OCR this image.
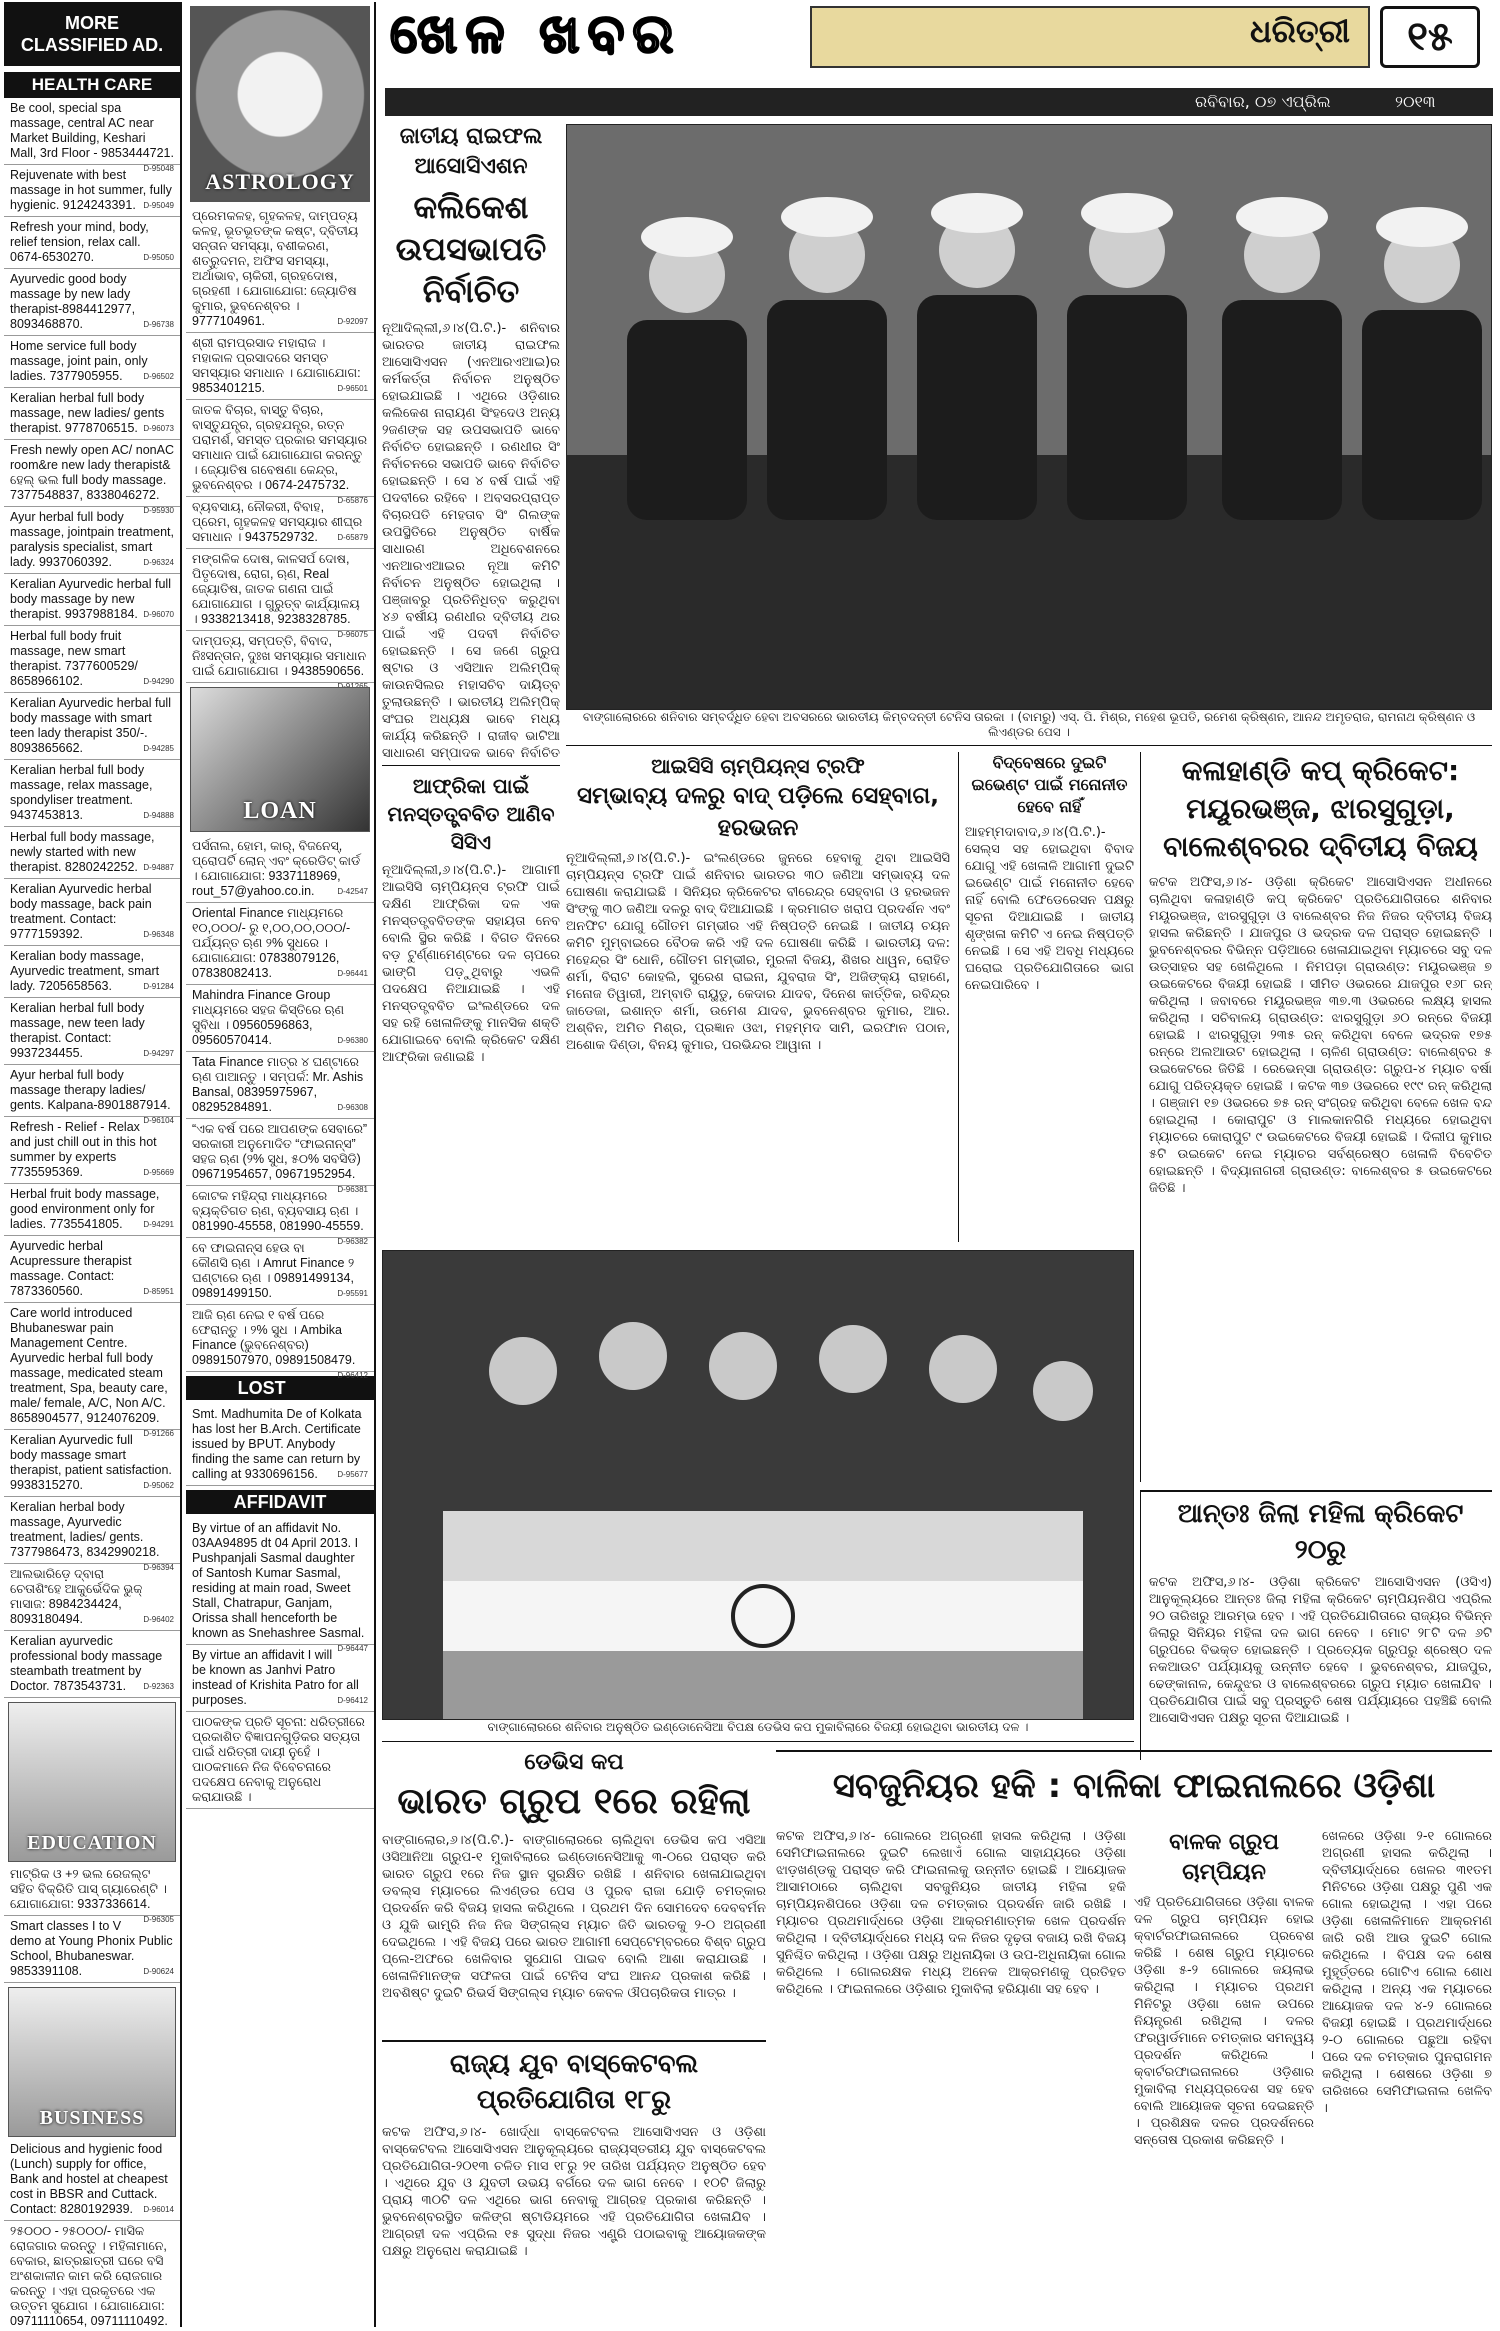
ଖେଳ ଖବର	ଧରିତ୍ରୀ	୧୫
ରବିବାର, ୦୭ ଏପ୍ରିଲ	୨୦୧୩
MORE CLASSIFIED AD.
HEALTH CARE
Be cool, special spa massage, central AC near Market Building, Keshari Mall, 3rd Floor - 9853444721.
D-95048
Rejuvenate with best massage in hot summer, fully hygienic. 9124243391. D-95049
Refresh your mind, body, relief tension, relax call. 0674-6530270.	D-95050
Ayurvedic good body massage by new lady therapist-8984412977, 8093468870.	D-96738
Home service full body massage, joint pain, only ladies. 7377905955.	D-96502
Keralian herbal full body massage, new ladies/ gents therapist. 9778706515. D-96073
Fresh newly open AC/ nonAC room&re new lady therapist& ହେଲ୍ ଭଲ full body massage. 7377548837, 8338046272.
D-95930
Ayur herbal full body massage, jointpain treatment, paralysis specialist, smart lady. 9937060392.	D-96324
Keralian Ayurvedic herbal full body massage by new therapist. 9937988184. D-96070
Herbal full body fruit massage, new smart therapist. 7377600529/ 8658966102.	D-94290
Keralian Ayurvedic herbal full body massage with smart teen lady therapist 350/-. 8093865662.	D-94285
Keralian herbal full body massage, relax massage, spondyliser treatment. 9437453813.	D-94888
Herbal full body massage, newly started with new therapist. 8280242252. D-94887
Keralian Ayurvedic herbal body massage, back pain treatment. Contact: 9777159392.	D-96348
Keralian body massage, Ayurvedic treatment, smart lady. 7205658563.	D-91284
Keralian herbal full body massage, new teen lady therapist. Contact: 9937234455.	D-94297
Ayur herbal full body massage therapy ladies/ gents. Kalpana-8901887914.
D-96104
Refresh - Relief - Relax and just chill out in this hot summer by experts 7735595369.	D-95669
Herbal fruit body massage, good environment only for ladies. 7735541805.	D-94291
Ayurvedic herbal Acupressure therapist massage. Contact: 7873360560.	D-85951
Care world introduced Bhubaneswar pain Management Centre. Ayurvedic herbal full body massage, medicated steam treatment, Spa, beauty care, male/ female, A/C, Non A/C. 8658904577, 9124076209.
D-91266
Keralian Ayurvedic full body massage smart therapist, patient satisfaction. 9938315270.	D-95062
Keralian herbal body massage, Ayurvedic treatment, ladies/ gents. 7377986473, 8342990218.
D-96394
ଆଲଭାରିଡ଼େ ଦ୍ବାରା ଚେତାଶିଂହେ ଆକୁର୍ଭେଦିକ ଭୁକ୍ ମାସାଜ: 8984234424, 8093180494.	D-96402
Keralian ayurvedic professional body massage steambath treatment by Doctor. 7873543731. D-92363
EDUCATION
ମାଟ୍ରିକ ଓ +୨ ଭଲ ରେଜଲ୍ଟ ସହିତ ବିକ୍ରିତି ପାସ୍ ଗ୍ୟାରେଣ୍ଟି । ଯୋଗାଯୋଗ: 9337336614.
D-96305
Smart classes I to V demo at Young Phonix Public School, Bhubaneswar. 9853391108.	D-90624
BUSINESS
Delicious and hygienic food (Lunch) supply for office, Bank and hostel at cheapest cost in BBSR and Cuttack. Contact: 8280192939. D-96014
୨୫୦୦୦ - ୨୫୦୦୦/- ମାସିକ ରୋଜଗାର କରନ୍ତୁ । ମହିଳାମାନେ, ବେକାର, ଛାତ୍ରଛାତ୍ରୀ ଘରେ ବସି ଅଂଶକାଳୀନ କାମ କରି ରୋଜଗାର କରନ୍ତୁ । ଏହା ପ୍ରକୃତରେ ଏକ ଉତ୍ତମ ସୁଯୋଗ । ଯୋଗାଯୋଗ: 09711110654, 09711110492.
ASTROLOGY
ପ୍ରେମକଳହ, ଗୃହକଳହ, ଦାମ୍ପତ୍ୟ କଳହ, ଭୂତଭୂତଙ୍କ କଷ୍ଟ, ଦ୍ବିତୀୟ ସନ୍ତାନ ସମସ୍ୟା, ବଶୀକରଣ, ଶତ୍ରୁଦମନ, ଅଫିସ ସମସ୍ୟା, ଅର୍ଥାଭାବ, ଚାକିରୀ, ଗ୍ରହଦୋଷ, ଗ୍ରହଣୀ । ଯୋଗାଯୋଗ: ଜ୍ୟୋତିଷ କୁମାର, ଭୁବନେଶ୍ବର । 9777104961.	D-92097
ଶ୍ରୀ ରାମପ୍ରସାଦ ମହାରାଜ । ମହାକାଳ ପ୍ରସାଦରେ ସମସ୍ତ ସମସ୍ୟାର ସମାଧାନ । ଯୋଗାଯୋଗ: 9853401215.	D-96501
ଜାତକ ବିଚାର, ବାସ୍ତୁ ବିଚାର, ବାସ୍ତୁଯନ୍ତ୍ର, ଗ୍ରହଯନ୍ତ୍ର, ରତ୍ନ ପରାମର୍ଶ, ସମସ୍ତ ପ୍ରକାର ସମସ୍ୟାର ସମାଧାନ ପାଇଁ ଯୋଗାଯୋଗ କରନ୍ତୁ । ଜ୍ୟୋତିଷ ଗବେଷଣା କେନ୍ଦ୍ର, ଭୁବନେଶ୍ବର । 0674-2475732.
D-65876
ବ୍ୟବସାୟ, ନୌକରୀ, ବିବାହ, ପ୍ରେମ, ଗୃହକଳହ ସମସ୍ୟାର ଶୀଘ୍ର ସମାଧାନ । 9437529732. D-65879
ମଙ୍ଗଳିକ ଦୋଷ, କାଳସର୍ପ ଦୋଷ, ପିତୃଦୋଷ, ରୋଗ, ଋଣ, Real ଜ୍ୟୋତିଷ, ଜାତକ ଗଣନା ପାଇଁ ଯୋଗାଯୋଗ । ଗୁରୁତ୍ବ କାର୍ଯ୍ୟାଳୟ । 9338213418, 9238328785.
D-96075
ଦାମ୍ପତ୍ୟ, ସମ୍ପତ୍ତି, ବିବାଦ, ନିଃସନ୍ତାନ, ଦୁଃଖ ସମସ୍ୟାର ସମାଧାନ ପାଇଁ ଯୋଗାଯୋଗ । 9438590656.
LOAN
ପର୍ସନାଲ, ହୋମ, କାର୍, ବିଜନେସ୍, ପ୍ରୋପର୍ଟି ଲୋନ୍ ଏବଂ କ୍ରେଡିଟ୍ କାର୍ଡ । ଯୋଗାଯୋଗ: 9337118969, rout_57@yahoo.co.in.	D-42547
Oriental Finance ମାଧ୍ୟମରେ ୧୦,୦୦୦/- ରୁ ୧,୦୦,୦୦,୦୦୦/- ପର୍ଯ୍ୟନ୍ତ ଋଣ ୨% ସୁଧରେ । ଯୋଗାଯୋଗ: 07838079126, 07838082413.	D-96441
Mahindra Finance Group ମାଧ୍ୟମରେ ସହଜ କିସ୍ତିରେ ଋଣ ସୁବିଧା । 09560596863, 09560570414.	D-96380
Tata Finance ମାତ୍ର ୪ ଘଣ୍ଟାରେ ଋଣ ପାଆନ୍ତୁ । ସମ୍ପର୍କ: Mr. Ashis Bansal, 08395975967, 08295284891.	D-96308
“ଏକ ବର୍ଷ ପରେ ଆପଣଙ୍କ ସେବାରେ” ସରକାରୀ ଅନୁମୋଦିତ “ଫାଇନାନ୍ସ” ସହଜ ଋଣ (୨% ସୁଧ, ୫୦% ସବସିଡି) 09671954657, 09671952954.
D-96381
କୋଟକ ମହିନ୍ଦ୍ରା ମାଧ୍ୟମରେ ବ୍ୟକ୍ତିଗତ ଋଣ, ବ୍ୟବସାୟ ଋଣ । 081990-45558, 081990-45559.
D-96382
ବେ ଫାଇନାନ୍ସ ହେଉ ବା କୌଣସି ଋଣ । Amrut Finance ୨ ଘଣ୍ଟାରେ ଋଣ । 09891499134, 09891499150.	D-95591
ଆଜି ଋଣ ନେଇ ୧ ବର୍ଷ ପରେ ଫେରାନ୍ତୁ । ୨% ସୁଧ । Ambika Finance (ଭୁବନେଶ୍ବର) 09891507970, 09891508479.
D-96412
LOST
Smt. Madhumita De of Kolkata has lost her B.Arch. Certificate issued by BPUT. Anybody finding the same can return by calling at 9330696156. D-95677
AFFIDAVIT
By virtue of an affidavit No. 03AA94895 dt 04 April 2013. I Pushpanjali Sasmal daughter of Santosh Kumar Sasmal, residing at main road, Sweet Stall, Chatrapur, Ganjam, Orissa shall henceforth be known as Snehashree Sasmal.
D-96447
By virtue an affidavit I will be known as Janhvi Patro instead of Krishita Patro for all purposes.	D-96412
ପାଠକଙ୍କ ପ୍ରତି ସୂଚନା: ଧରିତ୍ରୀରେ ପ୍ରକାଶିତ ବିଜ୍ଞାପନଗୁଡ଼ିକର ସତ୍ୟତା ପାଇଁ ଧରିତ୍ରୀ ଦାୟୀ ନୁହେଁ । ପାଠକମାନେ ନିଜ ବିବେଚନାରେ ପଦକ୍ଷେପ ନେବାକୁ ଅନୁରୋଧ କରାଯାଉଛି ।
ଜାତୀୟ ରାଇଫଲ ଆସୋସିଏଶନ
କଲିକେଶ ଉପସଭାପତି ନିର୍ବାଚିତ
ନୂଆଦିଲ୍ଲୀ,୬।୪(ପି.ଟି.)- ଶନିବାର ଭାରତର ଜାତୀୟ ରାଇଫଲ ଆସୋସିଏସନ (ଏନଆରଏଆଇ)ର କର୍ମକର୍ତ୍ତା ନିର୍ବାଚନ ଅନୁଷ୍ଠିତ ହୋଇଯାଇଛି । ଏଥିରେ ଓଡ଼ିଶାର କଲିକେଶ ନାରାୟଣ ସିଂହଦେଓ ଅନ୍ୟ ୨ଜଣଙ୍କ ସହ ଉପସଭାପତି ଭାବେ ନିର୍ବାଚିତ ହୋଇଛନ୍ତି । ରଣଧୀର ସିଂ ନିର୍ବାଚନରେ ସଭାପତି ଭାବେ ନିର୍ବାଚିତ ହୋଇଛନ୍ତି । ସେ ୪ ବର୍ଷ ପାଇଁ ଏହି ପଦବୀରେ ରହିବେ । ଅବସରପ୍ରାପ୍ତ ବିଚାରପତି ମେହତାବ ସିଂ ଗିଲଙ୍କ ଉପସ୍ଥିତିରେ ଅନୁଷ୍ଠିତ ବାର୍ଷିକ ସାଧାରଣ ଅଧିବେଶନରେ ଏନଆରଏଆଇର ନୂଆ କମିଟି ନିର୍ବାଚନ ଅନୁଷ୍ଠିତ ହୋଇଥିଲା । ପଞ୍ଜାବରୁ ପ୍ରତିନିଧିତ୍ବ କରୁଥିବା ୪୬ ବର୍ଷୀୟ ରଣଧୀର ଦ୍ବିତୀୟ ଥର ପାଇଁ ଏହି ପଦବୀ ନିର୍ବାଚିତ ହୋଇଛନ୍ତି । ସେ ଜଣେ ଗ୍ରୁପ ଷ୍ଟାର ଓ ଏସିଆନ ଅଲିମ୍ପିକ୍ କାଉନସିଲର ମହାସଚିବ ଦାୟିତ୍ବ ତୁଲାଉଛନ୍ତି । ଭାରତୀୟ ଅଲିମ୍ପିକ୍ ସଂଘର ଅଧ୍ୟକ୍ଷ ଭାବେ ମଧ୍ୟ କାର୍ଯ୍ୟ କରିଛନ୍ତି । ରାଜୀବ ଭାଟିଆ ସାଧାରଣ ସମ୍ପାଦକ ଭାବେ ନିର୍ବାଚିତ
ଆଫ୍ରିକା ପାଇଁ ମନସ୍ତତ୍ତ୍ବବିତ ଆଣିବ ସିସିଏ
ନୂଆଦିଲ୍ଲୀ,୬।୪(ପି.ଟି.)- ଆଗାମୀ ଆଇସିସି ଚାମ୍ପିୟନ୍ସ ଟ୍ରଫି ପାଇଁ ଦକ୍ଷିଣ ଆଫ୍ରିକା ଦଳ ଏକ ମନସ୍ତତ୍ତ୍ବବିତଙ୍କ ସହାୟତା ନେବ ବୋଲି ସ୍ଥିର କରିଛି । ବିଗତ ଦିନରେ ବଡ଼ ଟୁର୍ଣ୍ଣାମେଣ୍ଟରେ ଦଳ ଚାପରେ ଭାଙ୍ଗି ପଡ଼ୁଥିବାରୁ ଏଭଳି ପଦକ୍ଷେପ ନିଆଯାଇଛି । ଏହି ମନସ୍ତତ୍ତ୍ବବିତ ଇଂଲଣ୍ଡରେ ଦଳ ସହ ରହି ଖେଳାଳିଙ୍କୁ ମାନସିକ ଶକ୍ତି ଯୋଗାଇବେ ବୋଲି କ୍ରିକେଟ ଦକ୍ଷିଣ ଆଫ୍ରିକା ଜଣାଇଛି ।
ବାଙ୍ଗାଲୋରରେ ଶନିବାର ସମ୍ବର୍ଦ୍ଧିତ ହେବା ଅବସରରେ ଭାରତୀୟ କିମ୍ବଦନ୍ତୀ ଟେନିସ ତାରକା । (ବାମରୁ) ଏସ୍. ପି. ମିଶ୍ର, ମହେଶ ଭୂପତି, ରମେଶ କ୍ରିଷ୍ଣନ, ଆନନ୍ଦ ଅମୃତରାଜ, ରାମନାଥ କ୍ରିଷ୍ଣନ ଓ ଲିଏଣ୍ଡର ପେସ ।
ଆଇସିସି ଚାମ୍ପିୟନ୍ସ ଟ୍ରଫି
ସମ୍ଭାବ୍ୟ ଦଳରୁ ବାଦ୍ ପଡ଼ିଲେ ସେହ୍ବାଗ, ହରଭଜନ
ନୂଆଦିଲ୍ଲୀ,୬।୪(ପି.ଟି.)- ଇଂଲଣ୍ଡରେ ଜୁନରେ ହେବାକୁ ଥିବା ଆଇସିସି ଚାମ୍ପିୟନ୍ସ ଟ୍ରଫି ପାଇଁ ଶନିବାର ଭାରତର ୩୦ ଜଣିଆ ସମ୍ଭାବ୍ୟ ଦଳ ଘୋଷଣା କରାଯାଇଛି । ସିନିୟର କ୍ରିକେଟର ବୀରେନ୍ଦ୍ର ସେହ୍ବାଗ ଓ ହରଭଜନ ସିଂଙ୍କୁ ୩୦ ଜଣିଆ ଦଳରୁ ବାଦ୍ ଦିଆଯାଇଛି । କ୍ରମାଗତ ଖରାପ ପ୍ରଦର୍ଶନ ଏବଂ ଅନଫିଟ ଯୋଗୁ ଗୌତମ ଗମ୍ଭୀର ଏହି ନିଷ୍ପତ୍ତି ନେଇଛି । ଜାତୀୟ ଚୟନ କମିଟି ମୁମ୍ବାଇରେ ବୈଠକ କରି ଏହି ଦଳ ଘୋଷଣା କରିଛି । ଭାରତୀୟ ଦଳ: ମହେନ୍ଦ୍ର ସିଂ ଧୋନି, ଗୌତମ ଗମ୍ଭୀର, ମୁରଳୀ ବିଜୟ, ଶିଖର ଧାୱନ, ରୋହିତ ଶର୍ମା, ବିରାଟ କୋହଲି, ସୁରେଶ ରାଇନା, ଯୁବରାଜ ସିଂ, ଅଜିଙ୍କ୍ୟ ରାହାଣେ, ମନୋଜ ତିୱାରୀ, ଅମ୍ବାତି ରାୟୁଡୁ, କେଦାର ଯାଦବ, ଦିନେଶ କାର୍ତ୍ତିକ, ରବିନ୍ଦ୍ର ଜାଡେଜା, ଇଶାନ୍ତ ଶର୍ମା, ଉମେଶ ଯାଦବ, ଭୁବନେଶ୍ବର କୁମାର, ଆର. ଅଶ୍ବିନ, ଅମିତ ମିଶ୍ର, ପ୍ରଜ୍ଞାନ ଓଝା, ମହମ୍ମଦ ସାମି, ଇରଫାନ ପଠାନ, ଅଶୋକ ଦିଣ୍ଡା, ବିନୟ କୁମାର, ପରଭିନ୍ଦର ଆୱାନା ।
ବିଦ୍ବେଷରେ ଦୁଇଟି ଇଭେଣ୍ଟ ପାଇଁ ମନୋନୀତ ହେବେ ନାହିଁ
ଆହମ୍ମଦାବାଦ,୬।୪(ପି.ଟି.)- ସେଲ୍ସ ସହ ହୋଇଥିବା ବିବାଦ ଯୋଗୁ ଏହି ଖେଳାଳି ଆଗାମୀ ଦୁଇଟି ଇଭେଣ୍ଟ ପାଇଁ ମନୋନୀତ ହେବେ ନାହିଁ ବୋଲି ଫେଡେରେସନ ପକ୍ଷରୁ ସୂଚନା ଦିଆଯାଇଛି । ଜାତୀୟ ଶୃଙ୍ଖଳା କମିଟି ଏ ନେଇ ନିଷ୍ପତ୍ତି ନେଇଛି । ସେ ଏହି ଅବଧି ମଧ୍ୟରେ ଘରୋଇ ପ୍ରତିଯୋଗିତାରେ ଭାଗ ନେଇପାରିବେ ।
କଳାହାଣ୍ଡି କପ୍ କ୍ରିକେଟ: ମୟୂରଭଞ୍ଜ, ଝାରସୁଗୁଡ଼ା, ବାଲେଶ୍ବରର ଦ୍ବିତୀୟ ବିଜୟ
କଟକ ଅଫିସ,୬।୪- ଓଡ଼ିଶା କ୍ରିକେଟ ଆସୋସିଏସନ ଅଧୀନରେ ଚାଲିଥିବା କଳାହାଣ୍ଡି କପ୍ କ୍ରିକେଟ ପ୍ରତିଯୋଗିତାରେ ଶନିବାର ମୟୂରଭଞ୍ଜ, ଝାରସୁଗୁଡ଼ା ଓ ବାଲେଶ୍ବର ନିଜ ନିଜର ଦ୍ବିତୀୟ ବିଜୟ ହାସଲ କରିଛନ୍ତି । ଯାଜପୁର ଓ ଭଦ୍ରକ ଦଳ ପରାସ୍ତ ହୋଇଛନ୍ତି । ଭୁବନେଶ୍ବରର ବିଭିନ୍ନ ପଡ଼ିଆରେ ଖେଳାଯାଇଥିବା ମ୍ୟାଚରେ ସବୁ ଦଳ ଉତ୍ସାହର ସହ ଖେଳିଥିଲେ । ନିମପଡ଼ା ଗ୍ରାଉଣ୍ଡ: ମୟୂରଭଞ୍ଜ ୭ ଉଇକେଟରେ ବିଜୟୀ ହୋଇଛି । ସୀମିତ ଓଭରରେ ଯାଜପୁର ୧୬୮ ରନ୍ କରିଥିଲା । ଜବାବରେ ମୟୂରଭଞ୍ଜ ୩୭.୩ ଓଭରରେ ଲକ୍ଷ୍ୟ ହାସଲ କରିଥିଲା । ସଚିବାଳୟ ଗ୍ରାଉଣ୍ଡ: ଝାରସୁଗୁଡ଼ା ୬୦ ରନ୍‌ରେ ବିଜୟୀ ହୋଇଛି । ଝାରସୁଗୁଡ଼ା ୨୩୫ ରନ୍ କରିଥିବା ବେଳେ ଭଦ୍ରକ ୧୭୫ ରନ୍‌ରେ ଅଲଆଉଟ ହୋଇଥିଲା । ଚାଳିଣ ଗ୍ରାଉଣ୍ଡ: ବାଲେଶ୍ବର ୫ ଉଇକେଟରେ ଜିତିଛି । ରେଭେନ୍ସା ଗ୍ରାଉଣ୍ଡ: ଗ୍ରୁପ-୪ ମ୍ୟାଚ ବର୍ଷା ଯୋଗୁ ପରିତ୍ୟକ୍ତ ହୋଇଛି । କଟକ ୩୭ ଓଭରରେ ୧୯୯ ରନ୍ କରିଥିଲା । ଗଞ୍ଜାମ ୧୭ ଓଭରରେ ୭୫ ରନ୍ ସଂଗ୍ରହ କରିଥିବା ବେଳେ ଖେଳ ବନ୍ଦ ହୋଇଥିଲା । କୋରାପୁଟ ଓ ମାଲକାନଗିରି ମଧ୍ୟରେ ହୋଇଥିବା ମ୍ୟାଚରେ କୋରାପୁଟ ୯ ଉଇକେଟରେ ବିଜୟୀ ହୋଇଛି । ଦିଲୀପ କୁମାର ୫ଟି ଉଇକେଟ ନେଇ ମ୍ୟାଚର ସର୍ବଶ୍ରେଷ୍ଠ ଖେଳାଳି ବିବେଚିତ ହୋଇଛନ୍ତି । ବିଦ୍ୟାନାଗରୀ ଗ୍ରାଉଣ୍ଡ: ବାଲେଶ୍ବର ୫ ଉଇକେଟରେ ଜିତିଛି ।
ଆନ୍ତଃ ଜିଲା ମହିଳା କ୍ରିକେଟ ୨୦ରୁ
କଟକ ଅଫିସ,୬।୪- ଓଡ଼ିଶା କ୍ରିକେଟ ଆସୋସିଏସନ (ଓସିଏ) ଆନୁକୂଲ୍ୟରେ ଆନ୍ତଃ ଜିଲା ମହିଳା କ୍ରିକେଟ ଚାମ୍ପିୟନଶିପ ଏପ୍ରିଲ ୨୦ ତାରିଖରୁ ଆରମ୍ଭ ହେବ । ଏହି ପ୍ରତିଯୋଗିତାରେ ରାଜ୍ୟର ବିଭିନ୍ନ ଜିଲାରୁ ସିନିୟର ମହିଳା ଦଳ ଭାଗ ନେବେ । ମୋଟ ୨୮ଟି ଦଳ ୬ଟି ଗ୍ରୁପରେ ବିଭକ୍ତ ହୋଇଛନ୍ତି । ପ୍ରତ୍ୟେକ ଗ୍ରୁପରୁ ଶ୍ରେଷ୍ଠ ଦଳ ନକଆଉଟ ପର୍ଯ୍ୟାୟକୁ ଉନ୍ନୀତ ହେବେ । ଭୁବନେଶ୍ବର, ଯାଜପୁର, ଢେଙ୍କାନାଳ, କେନ୍ଦୁଝର ଓ ବାଲେଶ୍ବରରେ ଗ୍ରୁପ ମ୍ୟାଚ ଖେଳାଯିବ । ପ୍ରତିଯୋଗିତା ପାଇଁ ସବୁ ପ୍ରସ୍ତୁତି ଶେଷ ପର୍ଯ୍ୟାୟରେ ପହଞ୍ଚିଛି ବୋଲି ଆସୋସିଏସନ ପକ୍ଷରୁ ସୂଚନା ଦିଆଯାଇଛି ।
ବାଙ୍ଗାଲୋରରେ ଶନିବାର ଅନୁଷ୍ଠିତ ଇଣ୍ଡୋନେସିଆ ବିପକ୍ଷ ଡେଭିସ କପ ମୁକାବିଲାରେ ବିଜୟୀ ହୋଇଥିବା ଭାରତୀୟ ଦଳ ।
ଡେଭିସ କପ
ଭାରତ ଗ୍ରୁପ ୧ରେ ରହିଲା
ବାଙ୍ଗାଲୋର,୬।୪(ପି.ଟି.)- ବାଙ୍ଗାଲୋରରେ ଚାଲିଥିବା ଡେଭିସ କପ ଏସିଆ ଓସିଆନିଆ ଗ୍ରୁପ-୧ ମୁକାବିଲାରେ ଇଣ୍ଡୋନେସିଆକୁ ୩-୦ରେ ପରାସ୍ତ କରି ଭାରତ ଗ୍ରୁପ ୧ରେ ନିଜ ସ୍ଥାନ ସୁରକ୍ଷିତ ରଖିଛି । ଶନିବାର ଖେଳାଯାଇଥିବା ଡବଲ୍ସ ମ୍ୟାଚରେ ଲିଏଣ୍ଡର ପେସ ଓ ପୁରବ ରାଜା ଯୋଡ଼ି ଚମତ୍କାର ପ୍ରଦର୍ଶନ କରି ବିଜୟ ହାସଲ କରିଥିଲେ । ପ୍ରଥମ ଦିନ ସୋମଦେବ ଦେବବର୍ମନ ଓ ଯୁକି ଭାମ୍ବ୍ରି ନିଜ ନିଜ ସିଙ୍ଗଲ୍ସ ମ୍ୟାଚ ଜିତି ଭାରତକୁ ୨-୦ ଅଗ୍ରଣୀ ଦେଇଥିଲେ । ଏହି ବିଜୟ ପରେ ଭାରତ ଆଗାମୀ ସେପ୍ଟେମ୍ବରରେ ବିଶ୍ବ ଗ୍ରୁପ ପ୍ଲେ-ଅଫରେ ଖେଳିବାର ସୁଯୋଗ ପାଇବ ବୋଲି ଆଶା କରାଯାଉଛି । ଖେଳାଳିମାନଙ୍କ ସଫଳତା ପାଇଁ ଟେନିସ ସଂଘ ଆନନ୍ଦ ପ୍ରକାଶ କରିଛି । ଅବଶିଷ୍ଟ ଦୁଇଟି ରିଭର୍ସ ସିଙ୍ଗଲ୍ସ ମ୍ୟାଚ କେବଳ ଔପଚାରିକତା ମାତ୍ର ।
ରାଜ୍ୟ ଯୁବ ବାସ୍କେଟବଲ ପ୍ରତିଯୋଗିତା ୧୮ରୁ
କଟକ ଅଫିସ,୬।୪- ଖୋର୍ଦ୍ଧା ବାସ୍କେଟବଲ ଆସୋସିଏସନ ଓ ଓଡ଼ିଶା ବାସ୍କେଟବଲ ଆସୋସିଏସନ ଆନୁକୂଲ୍ୟରେ ରାଜ୍ୟସ୍ତରୀୟ ଯୁବ ବାସ୍କେଟବଲ ପ୍ରତିଯୋଗିତା-୨୦୧୩ ଚଳିତ ମାସ ୧୮ରୁ ୨୧ ତାରିଖ ପର୍ଯ୍ୟନ୍ତ ଅନୁଷ୍ଠିତ ହେବ । ଏଥିରେ ଯୁବ ଓ ଯୁବତୀ ଉଭୟ ବର୍ଗରେ ଦଳ ଭାଗ ନେବେ । ୧୦ଟି ଜିଲାରୁ ପ୍ରାୟ ୩୦ଟି ଦଳ ଏଥିରେ ଭାଗ ନେବାକୁ ଆଗ୍ରହ ପ୍ରକାଶ କରିଛନ୍ତି । ଭୁବନେଶ୍ବରସ୍ଥିତ କଳିଙ୍ଗ ଷ୍ଟାଡିୟମରେ ଏହି ପ୍ରତିଯୋଗିତା ଖେଳାଯିବ । ଆଗ୍ରହୀ ଦଳ ଏପ୍ରିଲ ୧୫ ସୁଦ୍ଧା ନିଜର ଏଣ୍ଟ୍ରି ପଠାଇବାକୁ ଆୟୋଜକଙ୍କ ପକ୍ଷରୁ ଅନୁରୋଧ କରାଯାଇଛି ।
ସବଜୁନିୟର ହକି : ବାଳିକା ଫାଇନାଲରେ ଓଡ଼ିଶା
କଟକ ଅଫିସ,୬।୪- ଗୋଲରେ ଅଗ୍ରଣୀ ହାସଲ କରିଥିଲା । ଓଡ଼ିଶା ସେମିଫାଇନାଲରେ ଦୁଇଟି ଲେଖାଏଁ ଗୋଲ ସାହାଯ୍ୟରେ ଓଡ଼ିଶା ଝାଡ଼ଖଣ୍ଡକୁ ପରାସ୍ତ କରି ଫାଇନାଲକୁ ଉନ୍ନୀତ ହୋଇଛି । ଆୟୋଜକ ଆସାମଠାରେ ଚାଲିଥିବା ସବଜୁନିୟର ଜାତୀୟ ମହିଳା ହକି ଚାମ୍ପିୟନଶିପରେ ଓଡ଼ିଶା ଦଳ ଚମତ୍କାର ପ୍ରଦର୍ଶନ ଜାରି ରଖିଛି । ମ୍ୟାଚର ପ୍ରଥମାର୍ଦ୍ଧରେ ଓଡ଼ିଶା ଆକ୍ରମଣାତ୍ମକ ଖେଳ ପ୍ରଦର୍ଶନ କରିଥିଲା । ଦ୍ବିତୀୟାର୍ଦ୍ଧରେ ମଧ୍ୟ ଦଳ ନିଜର ଦୃଢ଼ତା ବଜାୟ ରଖି ବିଜୟ ସୁନିଶ୍ଚିତ କରିଥିଲା । ଓଡ଼ିଶା ପକ୍ଷରୁ ଅଧିନାୟିକା ଓ ଉପ-ଅଧିନାୟିକା ଗୋଲ କରିଥିଲେ । ଗୋଲରକ୍ଷକ ମଧ୍ୟ ଅନେକ ଆକ୍ରମଣକୁ ପ୍ରତିହତ କରିଥିଲେ । ଫାଇନାଲରେ ଓଡ଼ିଶାର ମୁକାବିଲା ହରିୟାଣା ସହ ହେବ ।
ବାଳକ ଗ୍ରୁପ ଚାମ୍ପିୟନ
ଏହି ପ୍ରତିଯୋଗିତାରେ ଓଡ଼ିଶା ବାଳକ ଦଳ ଗ୍ରୁପ ଚାମ୍ପିୟନ ହୋଇ କ୍ବାର୍ଟରଫାଇନାଲରେ ପ୍ରବେଶ କରିଛି । ଶେଷ ଗ୍ରୁପ ମ୍ୟାଚରେ ଓଡ଼ିଶା ୫-୨ ଗୋଲରେ ଜୟଲାଭ କରିଥିଲା । ମ୍ୟାଚର ପ୍ରଥମ ମିନିଟରୁ ଓଡ଼ିଶା ଖେଳ ଉପରେ ନିୟନ୍ତ୍ରଣ ରଖିଥିଲା । ଦଳର ଫରୱାର୍ଡମାନେ ଚମତ୍କାର ସମନ୍ୱୟ ପ୍ରଦର୍ଶନ କରିଥିଲେ । କ୍ବାର୍ଟରଫାଇନାଲରେ ଓଡ଼ିଶାର ମୁକାବିଲା ମଧ୍ୟପ୍ରଦେଶ ସହ ହେବ ବୋଲି ଆୟୋଜକ ସୂଚନା ଦେଇଛନ୍ତି । ପ୍ରଶିକ୍ଷକ ଦଳର ପ୍ରଦର୍ଶନରେ ସନ୍ତୋଷ ପ୍ରକାଶ କରିଛନ୍ତି ।
ଖେଳରେ ଓଡ଼ିଶା ୨-୧ ଗୋଲରେ ଅଗ୍ରଣୀ ହାସଲ କରିଥିଲା । ଦ୍ବିତୀୟାର୍ଦ୍ଧରେ ଖେଳର ୩୧ତମ ମିନିଟରେ ଓଡ଼ିଶା ପକ୍ଷରୁ ପୁଣି ଏକ ଗୋଲ ହୋଇଥିଲା । ଏହା ପରେ ଓଡ଼ିଶା ଖେଳାଳିମାନେ ଆକ୍ରମଣ ଜାରି ରଖି ଆଉ ଦୁଇଟି ଗୋଲ କରିଥିଲେ । ବିପକ୍ଷ ଦଳ ଶେଷ ମୁହୂର୍ତ୍ତରେ ଗୋଟିଏ ଗୋଲ ଶୋଧ କରିଥିଲା । ଅନ୍ୟ ଏକ ମ୍ୟାଚରେ ଆୟୋଜକ ଦଳ ୪-୨ ଗୋଲରେ ବିଜୟୀ ହୋଇଛି । ପ୍ରଥମାର୍ଦ୍ଧରେ ୨-୦ ଗୋଲରେ ପଛୁଆ ରହିବା ପରେ ଦଳ ଚମତ୍କାର ପୁନରାଗମନ କରିଥିଲା । ଶେଷରେ ଓଡ଼ିଶା ୭ ତାରିଖରେ ସେମିଫାଇନାଲ ଖେଳିବ ।
